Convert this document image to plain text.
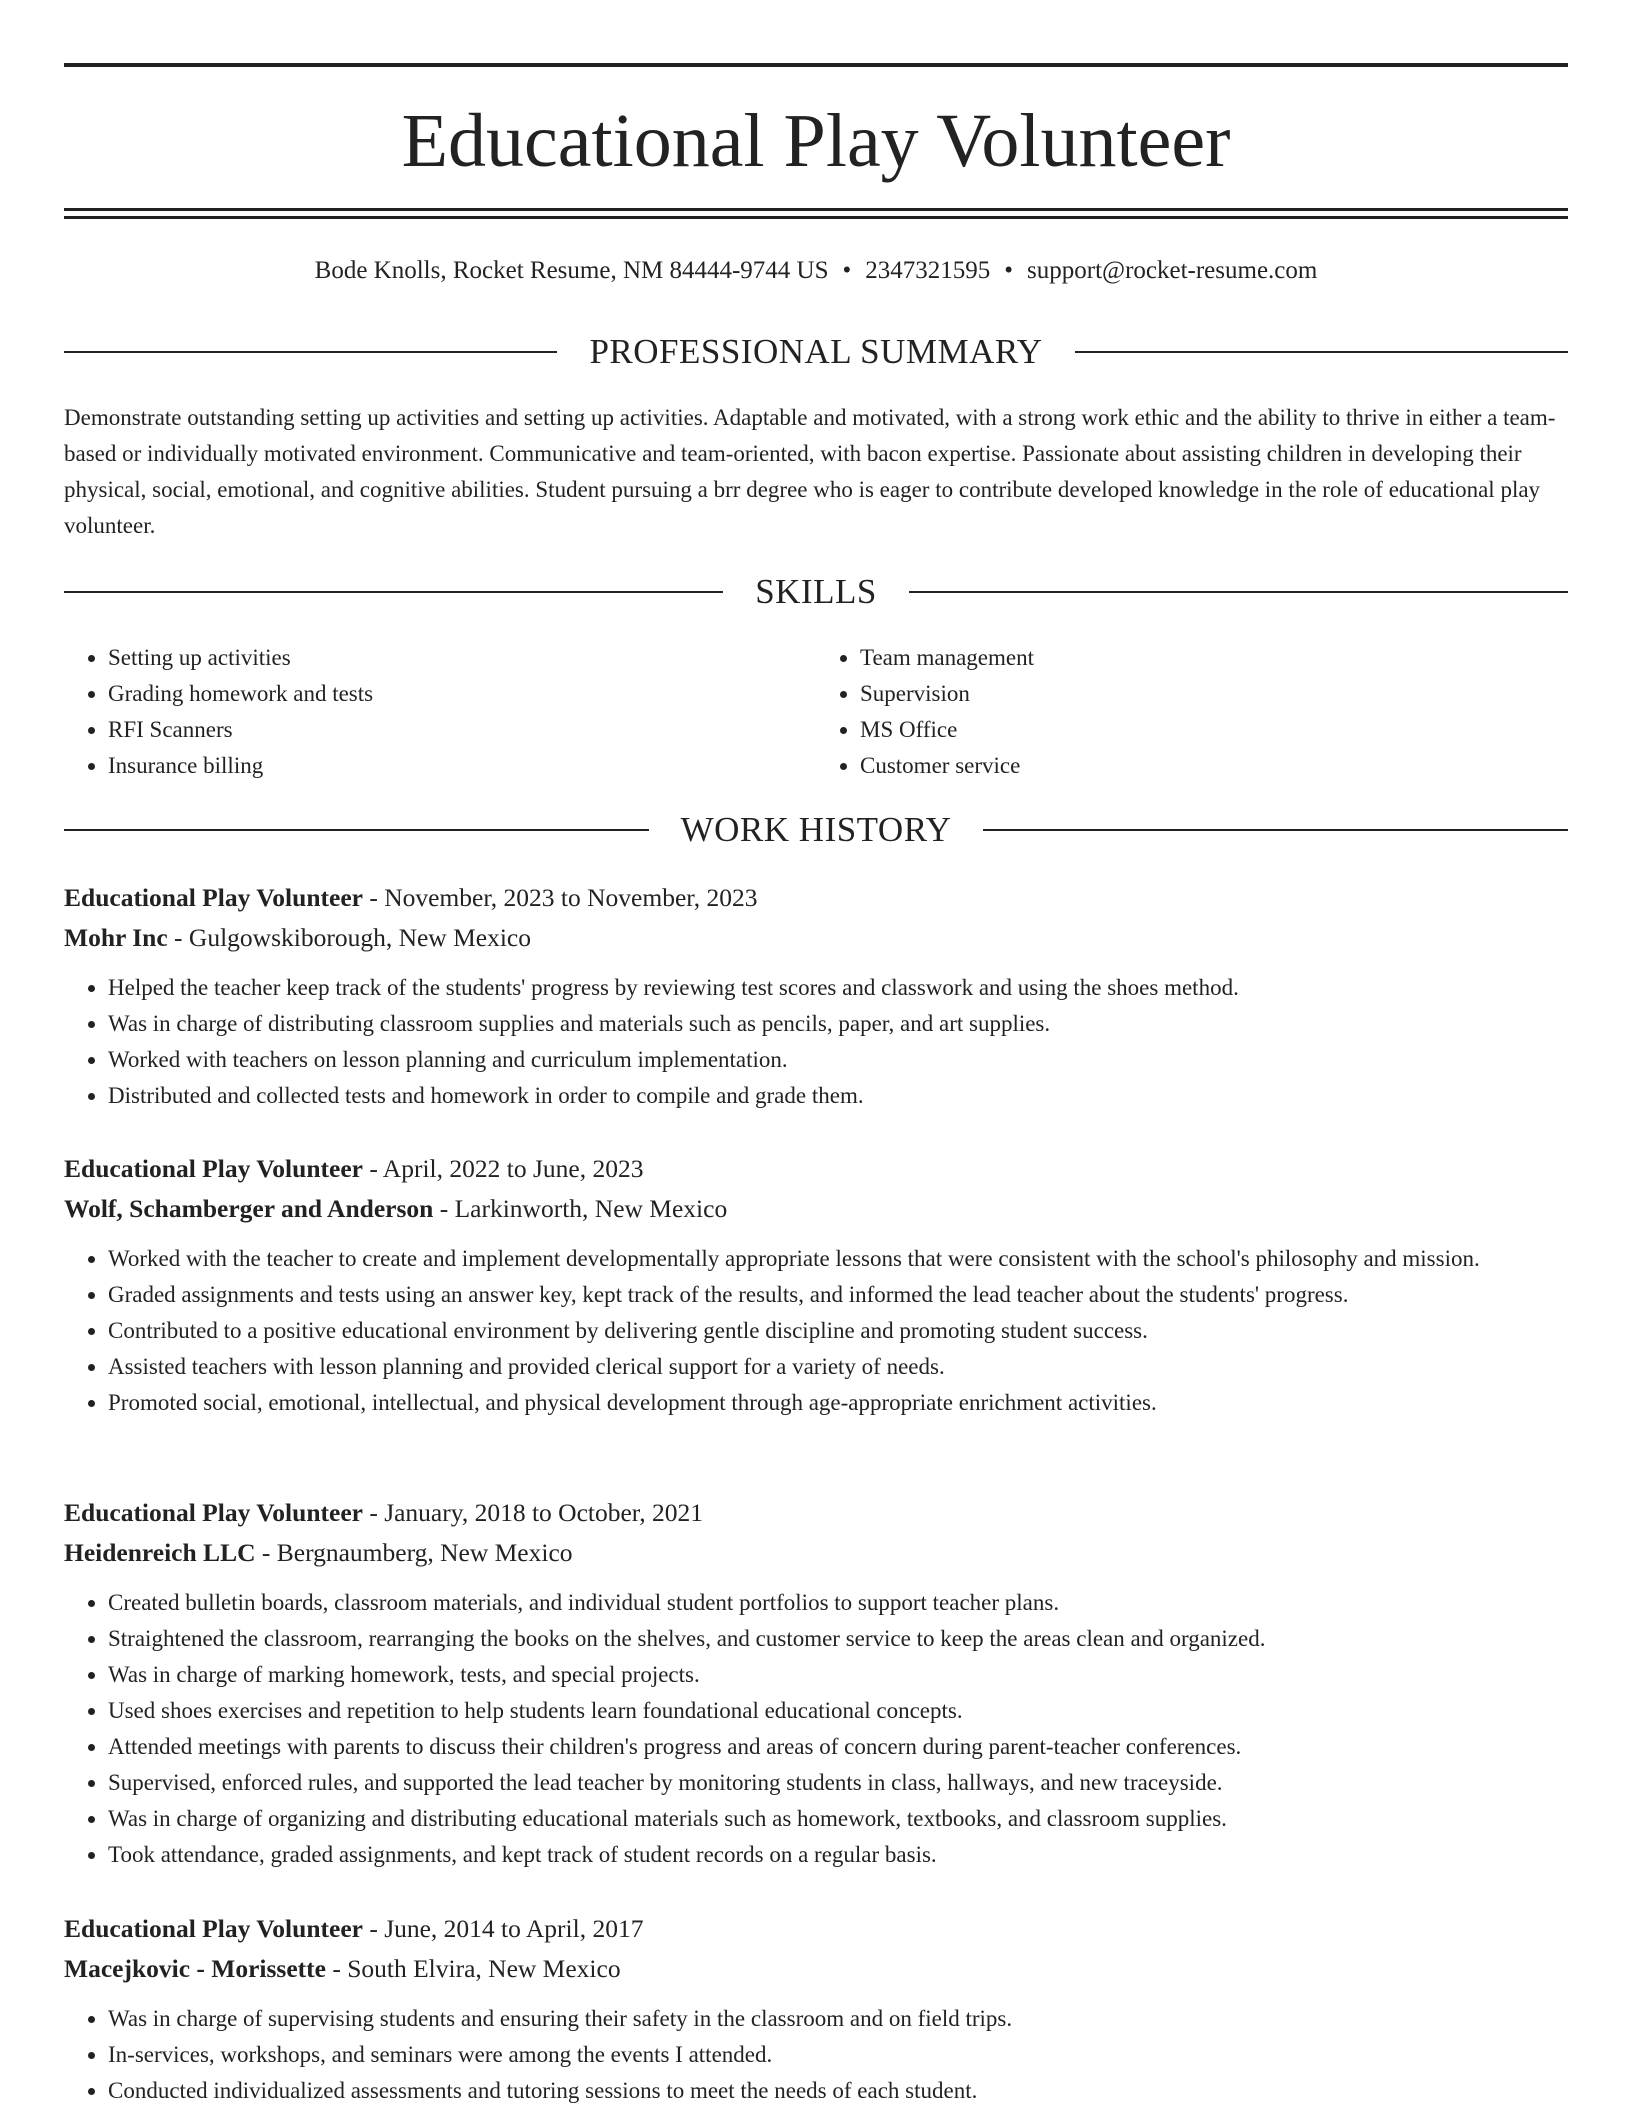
Educational Play Volunteer
Bode Knolls, Rocket Resume, NM 84444-9744 US • 2347321595 • support@rocket-resume.com
PROFESSIONAL SUMMARY

Demonstrate outstanding setting up activities and setting up activities. Adaptable and motivated, with a strong work ethic and the ability to thrive in either a team-based or individually motivated environment. Communicative and team-oriented, with bacon expertise. Passionate about assisting children in developing their physical, social, emotional, and cognitive abilities. Student pursuing a brr degree who is eager to contribute developed knowledge in the role of educational play volunteer.

SKILLS
• Setting up activities
• Grading homework and tests
• RFI Scanners
• Insurance billing
• Team management
• Supervision
• MS Office
• Customer service
WORK HISTORY
Educational Play Volunteer - November, 2023 to November, 2023
Mohr Inc - Gulgowskiborough, New Mexico
• Helped the teacher keep track of the students' progress by reviewing test scores and classwork and using the shoes method.
• Was in charge of distributing classroom supplies and materials such as pencils, paper, and art supplies.
• Worked with teachers on lesson planning and curriculum implementation.
• Distributed and collected tests and homework in order to compile and grade them.
Educational Play Volunteer - April, 2022 to June, 2023
Wolf, Schamberger and Anderson - Larkinworth, New Mexico
• Worked with the teacher to create and implement developmentally appropriate lessons that were consistent with the school's philosophy and mission.
• Graded assignments and tests using an answer key, kept track of the results, and informed the lead teacher about the students' progress.
• Contributed to a positive educational environment by delivering gentle discipline and promoting student success.
• Assisted teachers with lesson planning and provided clerical support for a variety of needs.
• Promoted social, emotional, intellectual, and physical development through age-appropriate enrichment activities.
Educational Play Volunteer - January, 2018 to October, 2021
Heidenreich LLC - Bergnaumberg, New Mexico
• Created bulletin boards, classroom materials, and individual student portfolios to support teacher plans.
• Straightened the classroom, rearranging the books on the shelves, and customer service to keep the areas clean and organized.
• Was in charge of marking homework, tests, and special projects.
• Used shoes exercises and repetition to help students learn foundational educational concepts.
• Attended meetings with parents to discuss their children's progress and areas of concern during parent-teacher conferences.
• Supervised, enforced rules, and supported the lead teacher by monitoring students in class, hallways, and new traceyside.
• Was in charge of organizing and distributing educational materials such as homework, textbooks, and classroom supplies.
• Took attendance, graded assignments, and kept track of student records on a regular basis.
Educational Play Volunteer - June, 2014 to April, 2017
Macejkovic - Morissette - South Elvira, New Mexico
• Was in charge of supervising students and ensuring their safety in the classroom and on field trips.
• In-services, workshops, and seminars were among the events I attended.
• Conducted individualized assessments and tutoring sessions to meet the needs of each student.
